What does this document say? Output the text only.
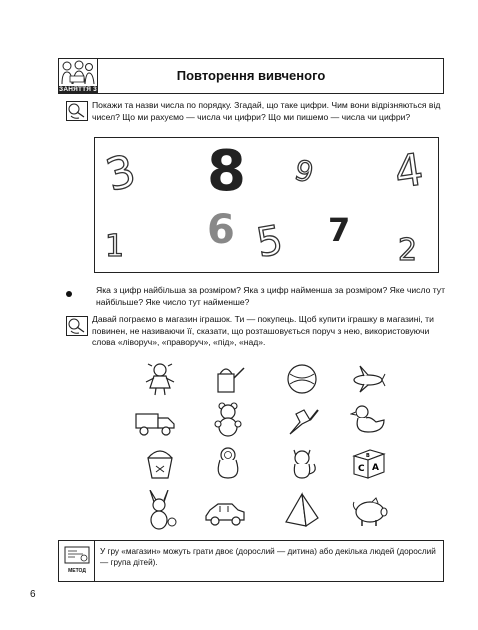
ЗАНЯТТЯ 3
Повторення вивченого
Покажи та назви числа по порядку. Згадай, що таке цифри. Чим вони відрізняються від чисел? Що ми рахуємо — числа чи цифри? Що ми пишемо — числа чи цифри?
3 8 9 4
1 6 5 7
2
Яка з цифр найбільша за розміром? Яка з цифр найменша за розміром? Яке число тут найбільше? Яке число тут найменше?
Давай пограємо в магазин іграшок. Ти — покупець. Щоб купити іграшку в магазині, ти повинен, не називаючи її, сказати, що розташовується поруч з нею, використовуючи слова «ліворуч», «праворуч», «під», «над».
C A
B
МЕТОД
У гру «магазин» можуть грати двоє (дорослий — дитина) або декілька людей (дорослий — група дітей).
6
